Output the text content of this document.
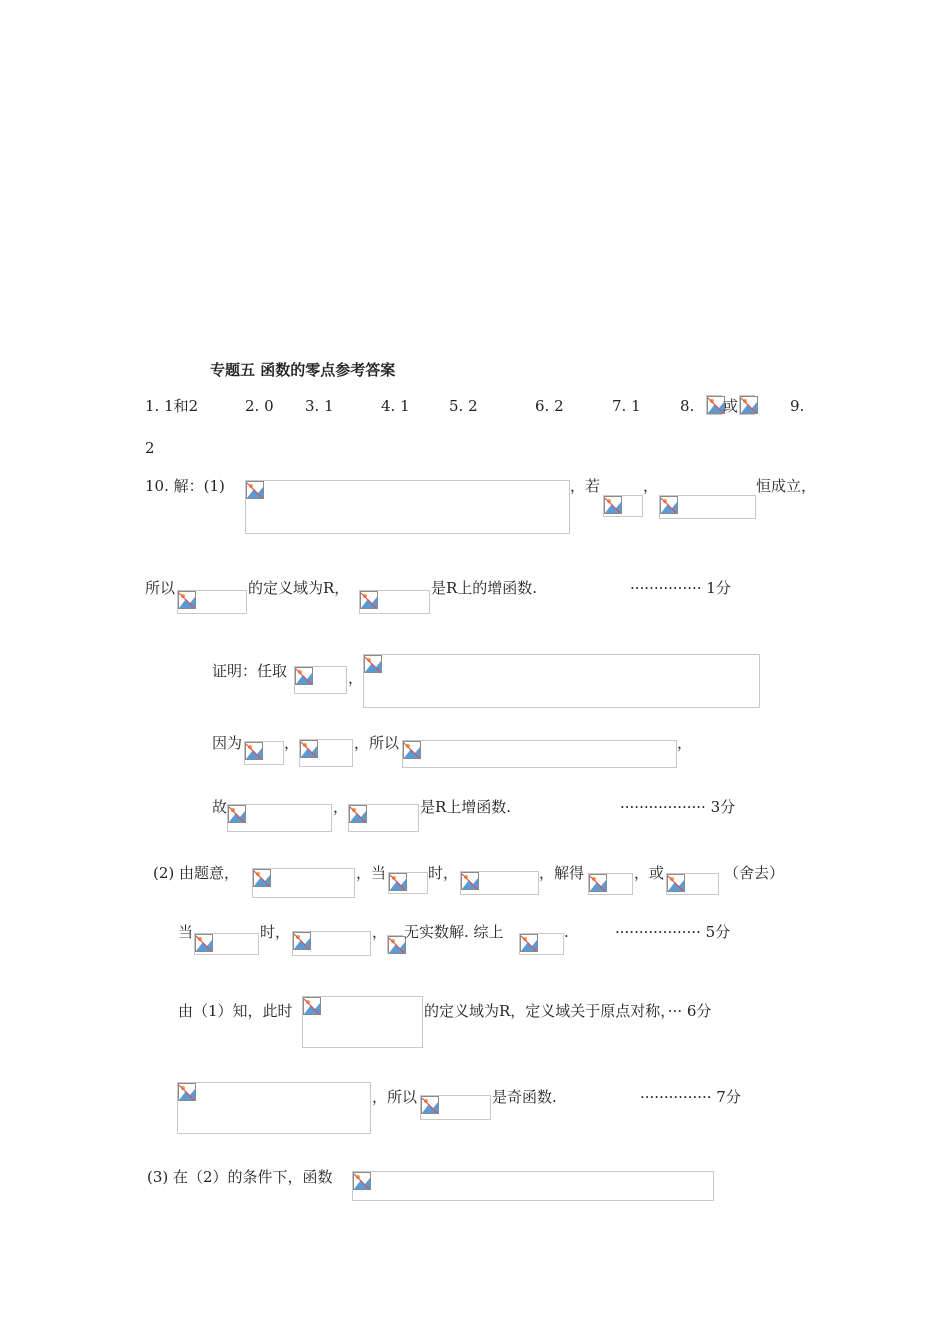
专题五 函数的零点参考答案
1. 1和2	2. 0 3. 1	4. 1	5. 2	6. 2	7. 1	8. 或	9.
2
10. 解：(1)	，若	，	恒成立，
所以	的定义域为R，	是R上的增函数.	··············· 1分
证明：任取	，
因为	，	，所以	，
故	，	是R上增函数.	·················· 3分
(2) 由题意，	，当	时，	，解得	，或	（舍去）
当	时，	， 无实数解. 综上	.	·················· 5分
由（1）知，此时	的定义域为R，定义域关于原点对称，··· 6分
，所以	是奇函数.	··············· 7分
(3) 在（2）的条件下，函数
